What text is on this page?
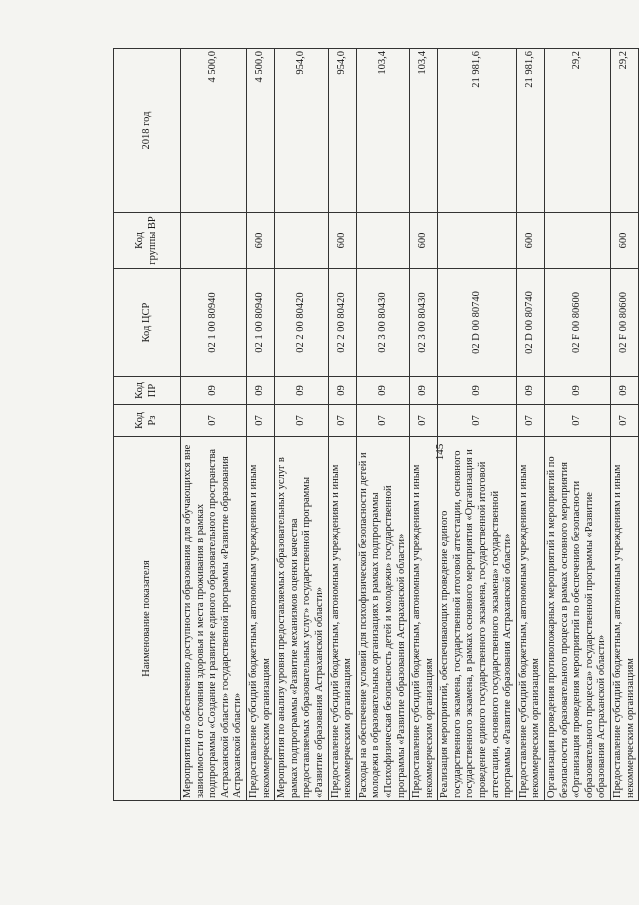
145
Наименование показателя	Код Рз	Код ПР	Код ЦСР	Код группы ВР	2018 год
Мероприятия по обеспечению доступности образования для обучающихся вне зависимости от состояния здоровья и места проживания в рамках подпрограммы «Создание и развитие единого образовательного пространства Астраханской области» государственной программы «Развитие образования Астраханской области»	07	09	02 1 00 80940		4 500,0
Предоставление субсидий бюджетным, автономным учреждениям и иным некоммерческим организациям	07	09	02 1 00 80940	600	4 500,0
Мероприятия по анализу уровня предоставляемых образовательных услуг в рамках подпрограммы «Развитие механизмов оценки качества предоставляемых образовательных услуг» государственной программы «Развитие образования Астраханской области»	07	09	02 2 00 80420		954,0
Предоставление субсидий бюджетным, автономным учреждениям и иным некоммерческим организациям	07	09	02 2 00 80420	600	954,0
Расходы на обеспечение условий для психофизической безопасности детей и молодежи в образовательных организациях в рамках подпрограммы «Психофизическая безопасность детей и молодежи» государственной программы «Развитие образования Астраханской области»	07	09	02 3 00 80430		103,4
Предоставление субсидий бюджетным, автономным учреждениям и иным некоммерческим организациям	07	09	02 3 00 80430	600	103,4
Реализация мероприятий, обеспечивающих проведение единого государственного экзамена, государственной итоговой аттестации, основного государственного экзамена, в рамках основного мероприятия «Организация и проведение единого государственного экзамена, государственной итоговой аттестации, основного государственного экзамена» государственной программы «Развитие образования Астраханской области»	07	09	02 D 00 80740		21 981,6
Предоставление субсидий бюджетным, автономным учреждениям и иным некоммерческим организациям	07	09	02 D 00 80740	600	21 981,6
Организация проведения противопожарных мероприятий и мероприятий по безопасности образовательного процесса в рамках основного мероприятия «Организация проведения мероприятий по обеспечению безопасности образовательного процесса» государственной программы «Развитие образования Астраханской области»	07	09	02 F 00 80600		29,2
Предоставление субсидий бюджетным, автономным учреждениям и иным некоммерческим организациям	07	09	02 F 00 80600	600	29,2
